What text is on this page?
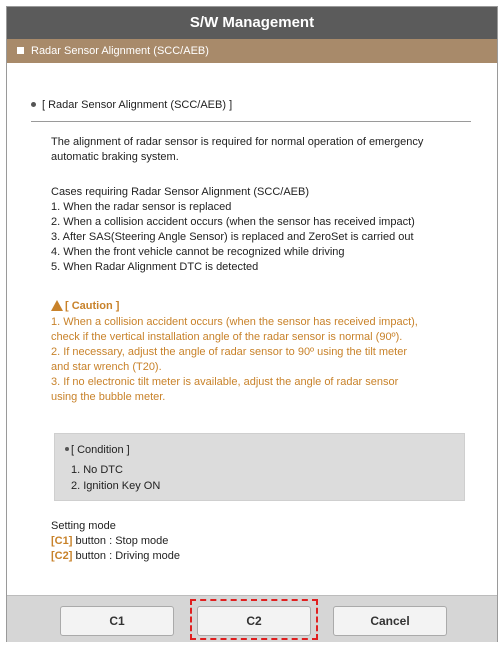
S/W Management
Radar Sensor Alignment (SCC/AEB)
[ Radar Sensor Alignment (SCC/AEB) ]
The alignment of radar sensor is required for normal operation of emergency
automatic braking system.
Cases requiring Radar Sensor Alignment (SCC/AEB)
1. When the radar sensor is replaced
2. When a collision accident occurs (when the sensor has received impact)
3. After SAS(Steering Angle Sensor) is replaced and ZeroSet is carried out
4. When the front vehicle cannot be recognized while driving
5. When Radar Alignment DTC is detected
[ Caution ]
1. When a collision accident occurs (when the sensor has received impact),
check if the vertical installation angle of the radar sensor is normal (90º).
2. If necessary, adjust the angle of radar sensor to 90º using the tilt meter
and star wrench (T20).
3. If no electronic tilt meter is available, adjust the angle of radar sensor
using the bubble meter.
[ Condition ]
1. No DTC
2. Ignition Key ON
Setting mode
[C1] button : Stop mode
[C2] button : Driving mode
C1	C2	Cancel
